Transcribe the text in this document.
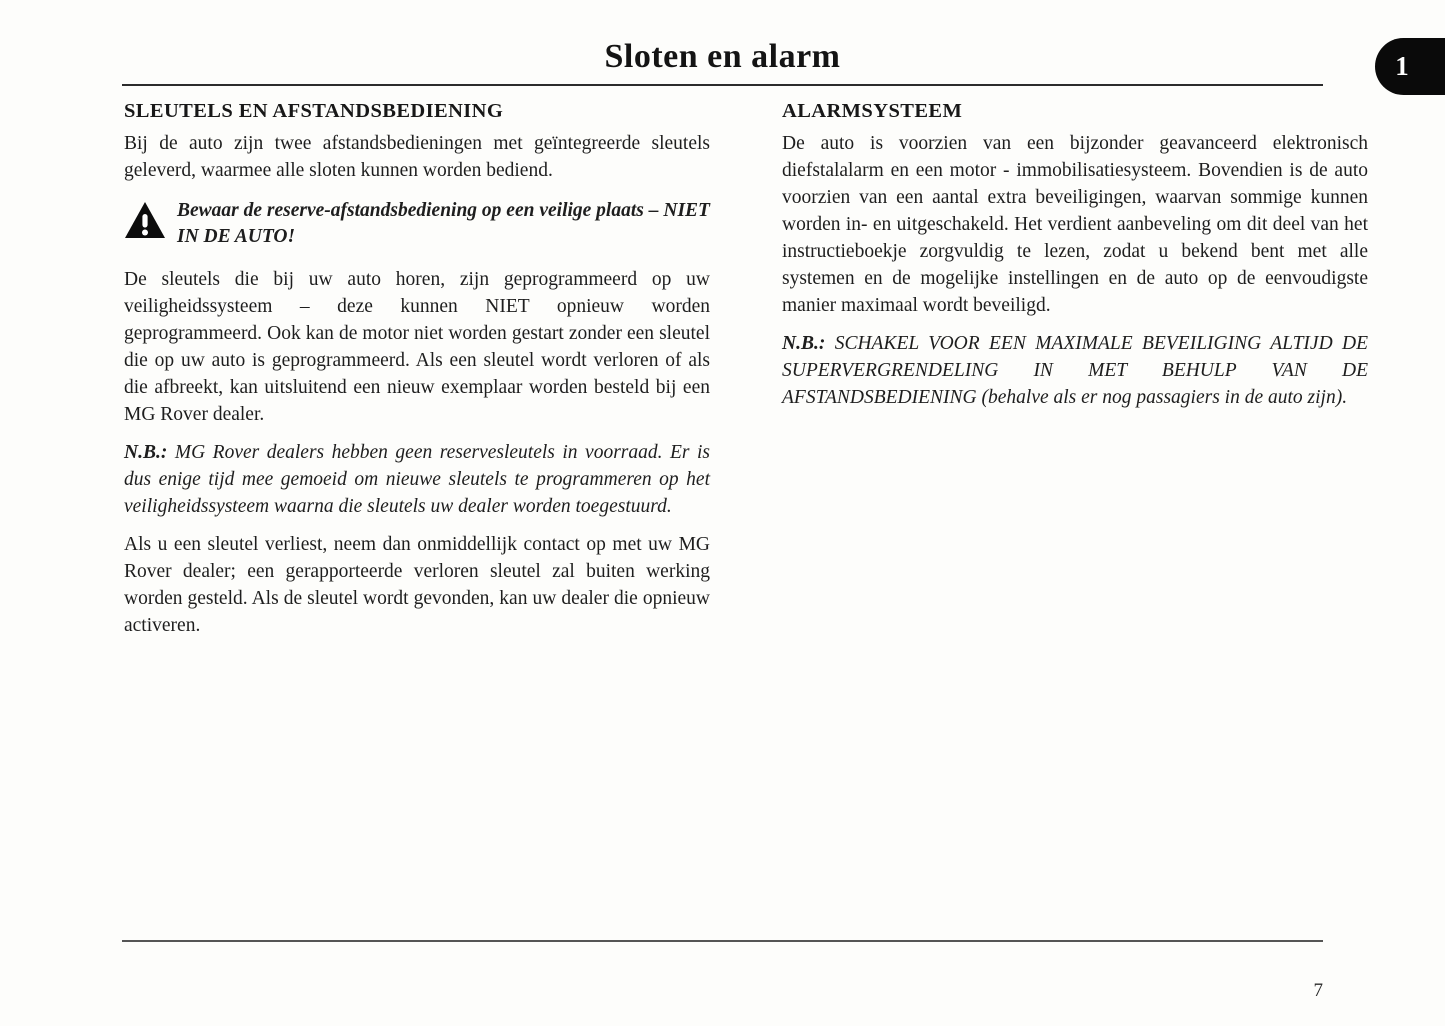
Sloten en alarm	1
SLEUTELS EN AFSTANDSBEDIENING

Bij de auto zijn twee afstandsbedieningen met geïntegreerde sleutels geleverd, waarmee alle sloten kunnen worden bediend.

Bewaar de reserve-afstandsbediening op een veilige plaats – NIET IN DE AUTO!

De sleutels die bij uw auto horen, zijn geprogrammeerd op uw veiligheidssysteem – deze kunnen NIET opnieuw worden geprogrammeerd. Ook kan de motor niet worden gestart zonder een sleutel die op uw auto is geprogrammeerd. Als een sleutel wordt verloren of als die afbreekt, kan uitsluitend een nieuw exemplaar worden besteld bij een MG Rover dealer.

N.B.: MG Rover dealers hebben geen reservesleutels in voorraad. Er is dus enige tijd mee gemoeid om nieuwe sleutels te programmeren op het veiligheidssysteem waarna die sleutels uw dealer worden toegestuurd.

Als u een sleutel verliest, neem dan onmiddellijk contact op met uw MG Rover dealer; een gerapporteerde verloren sleutel zal buiten werking worden gesteld. Als de sleutel wordt gevonden, kan uw dealer die opnieuw activeren.

ALARMSYSTEEM

De auto is voorzien van een bijzonder geavanceerd elektronisch diefstalalarm en een motor - immobilisatiesysteem. Bovendien is de auto voorzien van een aantal extra beveiligingen, waarvan sommige kunnen worden in- en uitgeschakeld. Het verdient aanbeveling om dit deel van het instructieboekje zorgvuldig te lezen, zodat u bekend bent met alle systemen en de mogelijke instellingen en de auto op de eenvoudigste manier maximaal wordt beveiligd.

N.B.: SCHAKEL VOOR EEN MAXIMALE BEVEILIGING ALTIJD DE SUPERVERGRENDELING IN MET BEHULP VAN DE AFSTANDSBEDIENING (behalve als er nog passagiers in de auto zijn).

7
